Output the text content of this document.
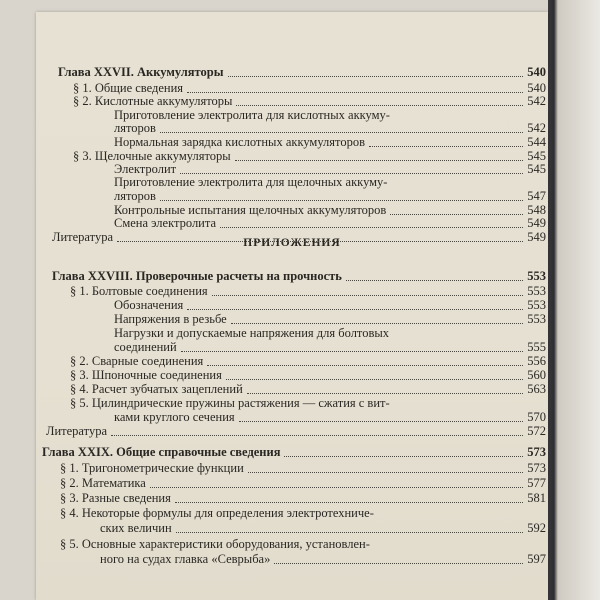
ПРИЛОЖЕНИЯ
Глава XXVII. Аккумуляторы	540
§ 1. Общие сведения	540
§ 2. Кислотные аккумуляторы	542
Приготовление электролита для кислотных аккуму-
ляторов	542
Нормальная зарядка кислотных аккумуляторов	544
§ 3. Щелочные аккумуляторы	545
Электролит	545
Приготовление электролита для щелочных аккуму-
ляторов	547
Контрольные испытания щелочных аккумуляторов	548
Смена электролита	549
Литература	549
Глава XXVIII. Проверочные расчеты на прочность	553
§ 1. Болтовые соединения	553
Обозначения	553
Напряжения в резьбе	553
Нагрузки и допускаемые напряжения для болтовых
соединений	555
§ 2. Сварные соединения	556
§ 3. Шпоночные соединения	560
§ 4. Расчет зубчатых зацеплений	563
§ 5. Цилиндрические пружины растяжения — сжатия с вит-
ками круглого сечения	570
Литература	572
Глава XXIX. Общие справочные сведения	573
§ 1. Тригонометрические функции	573
§ 2. Математика	577
§ 3. Разные сведения	581
§ 4. Некоторые формулы для определения электротехниче-
ских величин	592
§ 5. Основные характеристики оборудования, установлен-
ного на судах главка «Севрыба»	597
